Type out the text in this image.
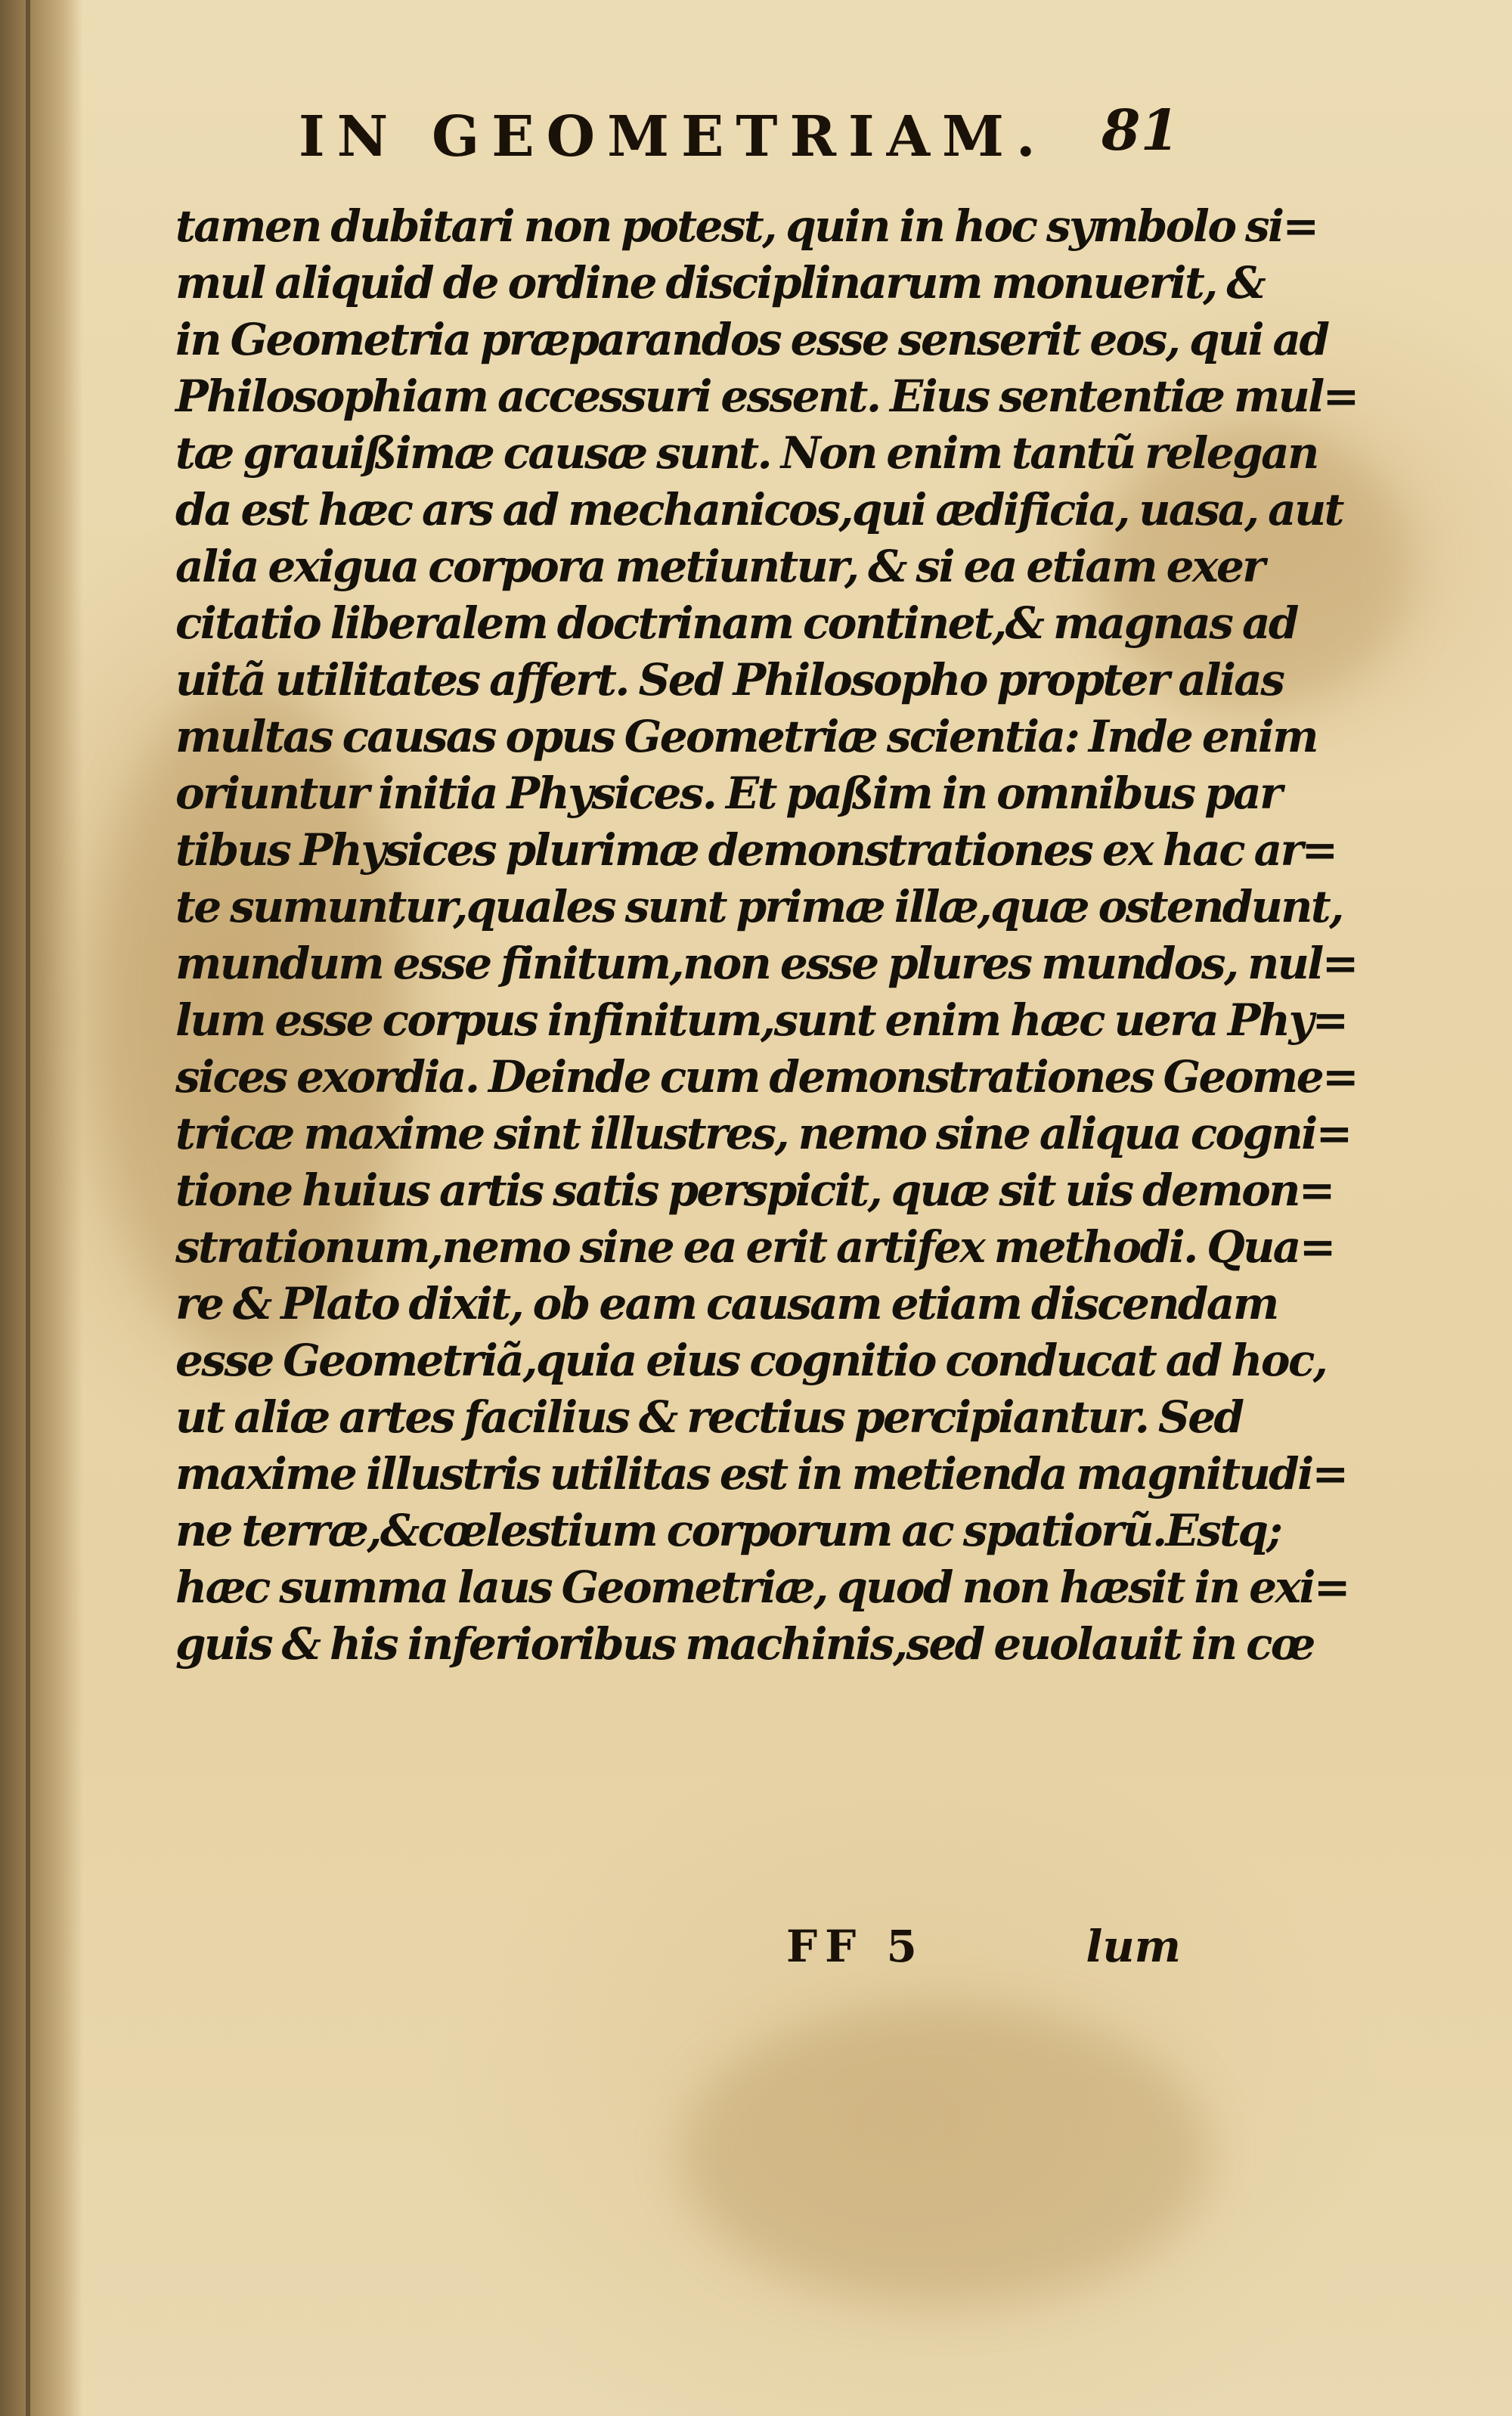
IN GEOMETRIAM. 81
tamen dubitari non potest, quin in hoc symbolo si=
mul aliquid de ordine disciplinarum monuerit, &
in Geometria præparandos esse senserit eos, qui ad
Philosophiam accessuri essent. Eius sententiæ mul=
tæ grauißimæ causæ sunt. Non enim tantũ relegan
da est hæc ars ad mechanicos,qui ædificia, uasa, aut
alia exigua corpora metiuntur, & si ea etiam exer
citatio liberalem doctrinam continet,& magnas ad
uitã utilitates affert. Sed Philosopho propter alias
multas causas opus Geometriæ scientia: Inde enim
oriuntur initia Physices. Et paßim in omnibus par
tibus Physices plurimæ demonstrationes ex hac ar=
te sumuntur,quales sunt primæ illæ,quæ ostendunt,
mundum esse finitum,non esse plures mundos, nul=
lum esse corpus infinitum,sunt enim hæc uera Phy=
sices exordia. Deinde cum demonstrationes Geome=
tricæ maxime sint illustres, nemo sine aliqua cogni=
tione huius artis satis perspicit, quæ sit uis demon=
strationum,nemo sine ea erit artifex methodi. Qua=
re & Plato dixit, ob eam causam etiam discendam
esse Geometriã,quia eius cognitio conducat ad hoc,
ut aliæ artes facilius & rectius percipiantur. Sed
maxime illustris utilitas est in metienda magnitudi=
ne terræ,&cœlestium corporum ac spatiorũ.Estq;
hæc summa laus Geometriæ, quod non hæsit in exi=
guis & his inferioribus machinis,sed euolauit in cœ
FF 5	lum
